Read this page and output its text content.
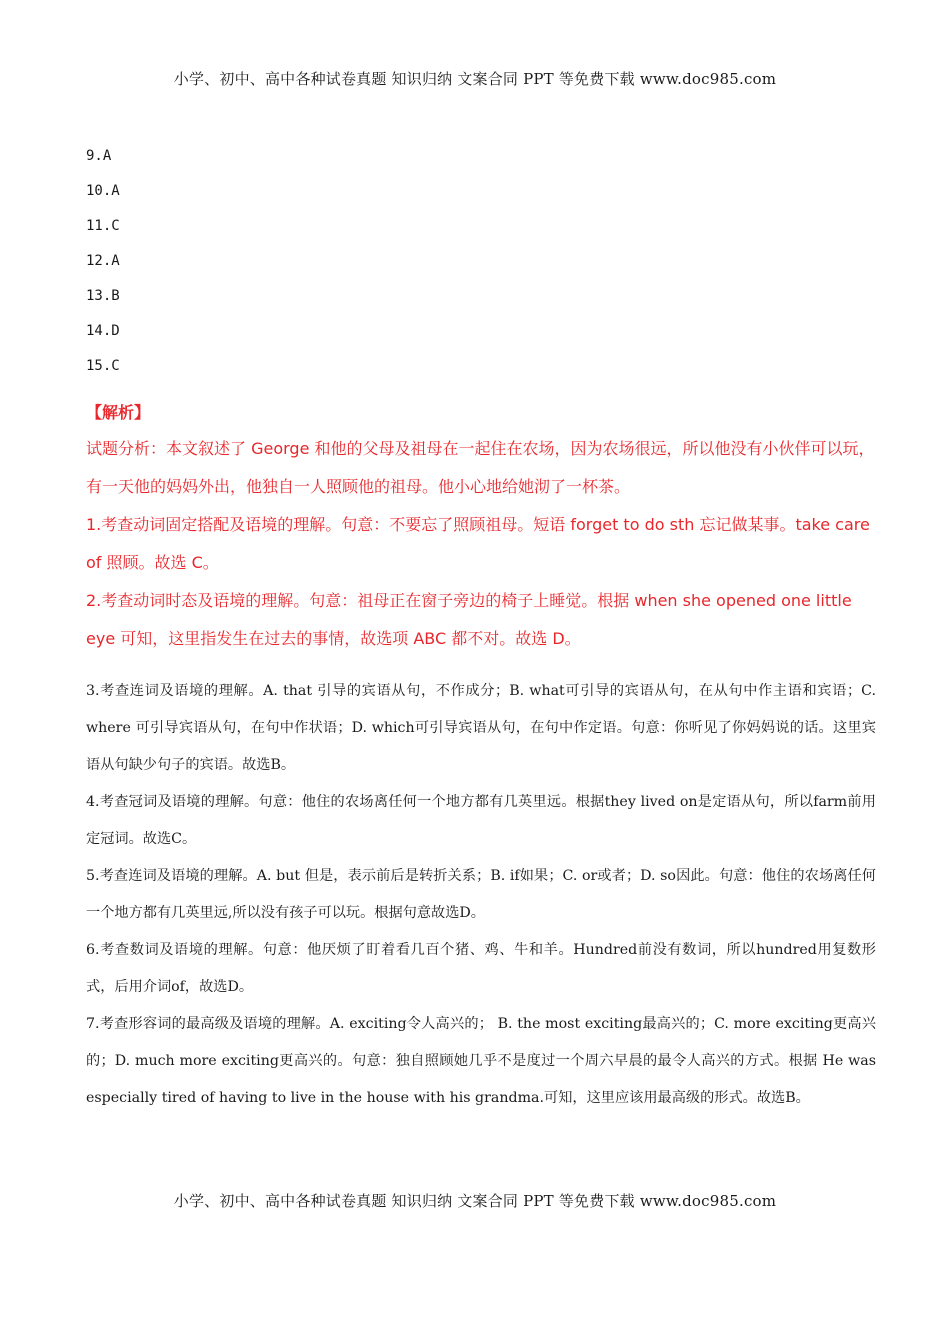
小学、初中、高中各种试卷真题 知识归纳 文案合同 PPT 等免费下载 www.doc985.com
9.A
10.A
11.C
12.A
13.B
14.D
15.C
【解析】

试题分析：本文叙述了 George 和他的父母及祖母在一起住在农场，因为农场很远，所以他没有小伙伴可以玩，有一天他的妈妈外出，他独自一人照顾他的祖母。他小心地给她沏了一杯茶。

1.考查动词固定搭配及语境的理解。句意：不要忘了照顾祖母。短语 forget to do sth 忘记做某事。take care of 照顾。故选 C。

2.考查动词时态及语境的理解。句意：祖母正在窗子旁边的椅子上睡觉。根据 when she opened one little eye 可知，这里指发生在过去的事情，故选项 ABC 都不对。故选 D。

3.考查连词及语境的理解。A. that 引导的宾语从句，不作成分；B. what可引导的宾语从句，在从句中作主语和宾语；C. where 可引导宾语从句，在句中作状语；D. which可引导宾语从句，在句中作定语。句意：你听见了你妈妈说的话。这里宾语从句缺少句子的宾语。故选B。

4.考查冠词及语境的理解。句意：他住的农场离任何一个地方都有几英里远。根据they lived on是定语从句，所以farm前用定冠词。故选C。

5.考查连词及语境的理解。A. but 但是，表示前后是转折关系；B. if如果；C. or或者；D. so因此。句意：他住的农场离任何一个地方都有几英里远,所以没有孩子可以玩。根据句意故选D。

6.考查数词及语境的理解。句意：他厌烦了盯着看几百个猪、鸡、牛和羊。Hundred前没有数词，所以hundred用复数形式，后用介词of，故选D。

7.考查形容词的最高级及语境的理解。A. exciting令人高兴的； B. the most exciting最高兴的；C. more exciting更高兴的；D. much more exciting更高兴的。句意：独自照顾她几乎不是度过一个周六早晨的最令人高兴的方式。根据 He was especially tired of having to live in the house with his grandma.可知，这里应该用最高级的形式。故选B。

小学、初中、高中各种试卷真题 知识归纳 文案合同 PPT 等免费下载 www.doc985.com
